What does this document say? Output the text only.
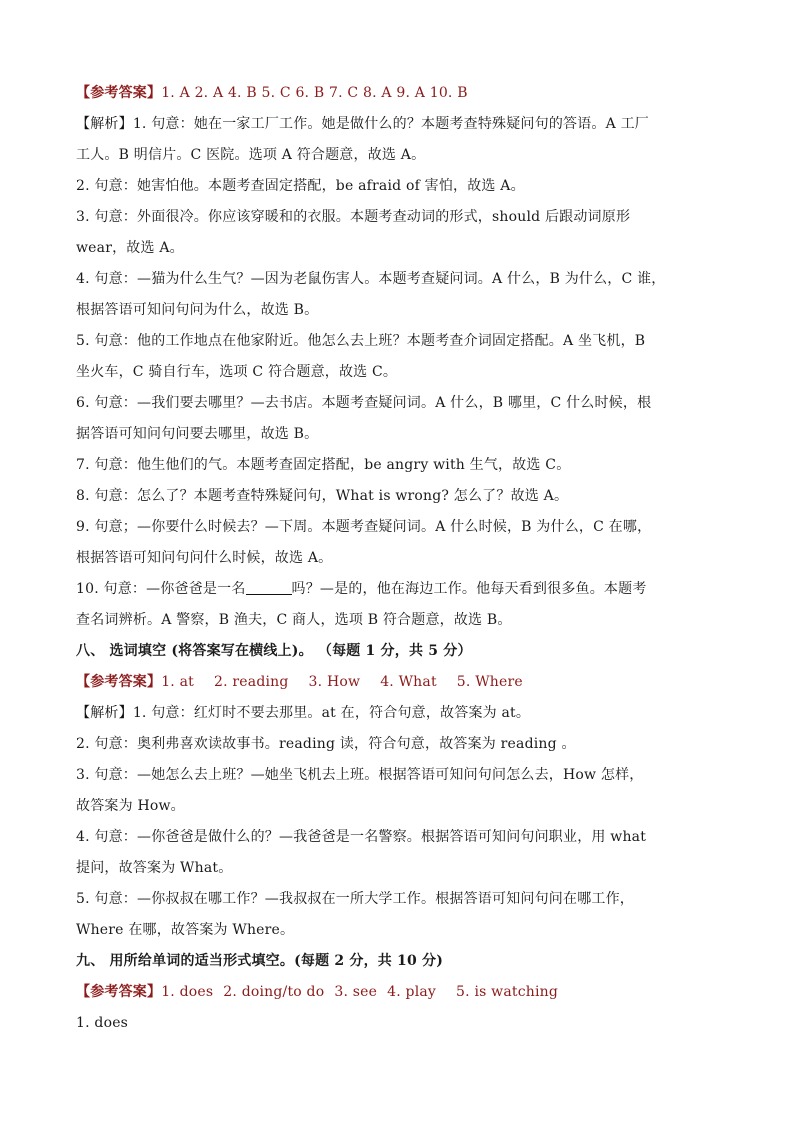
【参考答案】1. A 2. A 4. B 5. C 6. B 7. C 8. A 9. A 10. B
【解析】1. 句意：她在一家工厂工作。她是做什么的？本题考查特殊疑问句的答语。A 工厂
工人。B 明信片。C 医院。选项 A 符合题意，故选 A。
2. 句意：她害怕他。本题考查固定搭配，be afraid of 害怕，故选 A。
3. 句意：外面很冷。你应该穿暖和的衣服。本题考查动词的形式，should 后跟动词原形
wear，故选 A。
4. 句意：—猫为什么生气？—因为老鼠伤害人。本题考查疑问词。A 什么，B 为什么，C 谁，
根据答语可知问句问为什么，故选 B。
5. 句意：他的工作地点在他家附近。他怎么去上班？本题考查介词固定搭配。A 坐飞机，B
坐火车，C 骑自行车，选项 C 符合题意，故选 C。
6. 句意：—我们要去哪里？—去书店。本题考查疑问词。A 什么，B 哪里，C 什么时候，根
据答语可知问句问要去哪里，故选 B。
7. 句意：他生他们的气。本题考查固定搭配，be angry with 生气，故选 C。
8. 句意：怎么了？本题考查特殊疑问句，What is wrong? 怎么了？故选 A。
9. 句意；—你要什么时候去？—下周。本题考查疑问词。A 什么时候，B 为什么，C 在哪，
根据答语可知问句问什么时候，故选 A。
10. 句意：—你爸爸是一名	吗？—是的，他在海边工作。他每天看到很多鱼。本题考
查名词辨析。A 警察，B 渔夫，C 商人，选项 B 符合题意，故选 B。
八、 选词填空 (将答案写在横线上)。 （每题 1 分，共 5 分）
【参考答案】1. at 2. reading 3. How 4. What 5. Where
【解析】1. 句意：红灯时不要去那里。at 在，符合句意，故答案为 at。
2. 句意：奥利弗喜欢读故事书。reading 读，符合句意，故答案为 reading 。
3. 句意：—她怎么去上班？—她坐飞机去上班。根据答语可知问句问怎么去，How 怎样，
故答案为 How。
4. 句意：—你爸爸是做什么的？—我爸爸是一名警察。根据答语可知问句问职业，用 what
提问，故答案为 What。
5. 句意：—你叔叔在哪工作？—我叔叔在一所大学工作。根据答语可知问句问在哪工作，
Where 在哪，故答案为 Where。
九、 用所给单词的适当形式填空。(每题 2 分，共 10 分)
【参考答案】1. does 2. doing/to do 3. see 4. play 5. is watching
1. does
